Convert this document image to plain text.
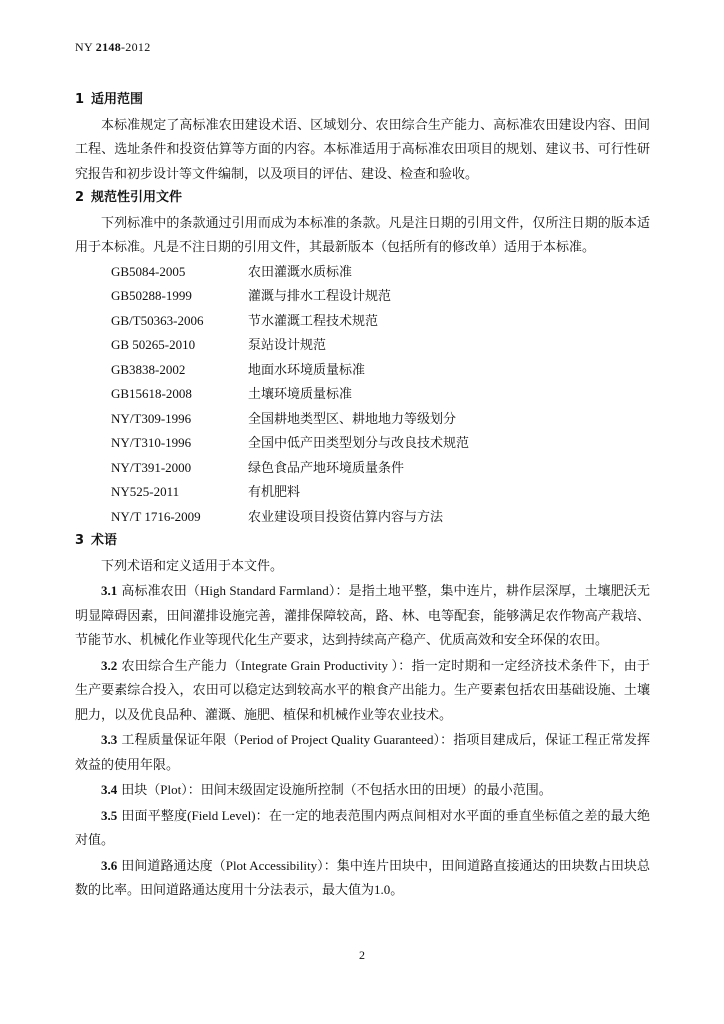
NY 2148-2012
1 适用范围

本标准规定了高标准农田建设术语、区域划分、农田综合生产能力、高标准农田建设内容、田间工程、选址条件和投资估算等方面的内容。本标准适用于高标准农田项目的规划、建议书、可行性研究报告和初步设计等文件编制，以及项目的评估、建设、检查和验收。

2 规范性引用文件

下列标准中的条款通过引用而成为本标准的条款。凡是注日期的引用文件，仅所注日期的版本适用于本标准。凡是不注日期的引用文件，其最新版本（包括所有的修改单）适用于本标准。

GB5084-2005	农田灌溉水质标准
GB50288-1999	灌溉与排水工程设计规范
GB/T50363-2006	节水灌溉工程技术规范
GB 50265-2010	泵站设计规范
GB3838-2002	地面水环境质量标准
GB15618-2008	土壤环境质量标准
NY/T309-1996	全国耕地类型区、耕地地力等级划分
NY/T310-1996	全国中低产田类型划分与改良技术规范
NY/T391-2000	绿色食品产地环境质量条件
NY525-2011	有机肥料
NY/T 1716-2009	农业建设项目投资估算内容与方法
3 术语

下列术语和定义适用于本文件。

3.1 高标准农田（High Standard Farmland）：是指土地平整，集中连片，耕作层深厚，土壤肥沃无明显障碍因素，田间灌排设施完善，灌排保障较高，路、林、电等配套，能够满足农作物高产栽培、节能节水、机械化作业等现代化生产要求，达到持续高产稳产、优质高效和安全环保的农田。

3.2 农田综合生产能力（Integrate Grain Productivity ）：指一定时期和一定经济技术条件下，由于生产要素综合投入，农田可以稳定达到较高水平的粮食产出能力。生产要素包括农田基础设施、土壤肥力，以及优良品种、灌溉、施肥、植保和机械作业等农业技术。

3.3 工程质量保证年限（Period of Project Quality Guaranteed）：指项目建成后，保证工程正常发挥效益的使用年限。

3.4 田块（Plot）：田间末级固定设施所控制（不包括水田的田埂）的最小范围。

3.5 田面平整度(Field Level)：在一定的地表范围内两点间相对水平面的垂直坐标值之差的最大绝对值。

3.6 田间道路通达度（Plot Accessibility）：集中连片田块中，田间道路直接通达的田块数占田块总数的比率。田间道路通达度用十分法表示，最大值为1.0。

2
